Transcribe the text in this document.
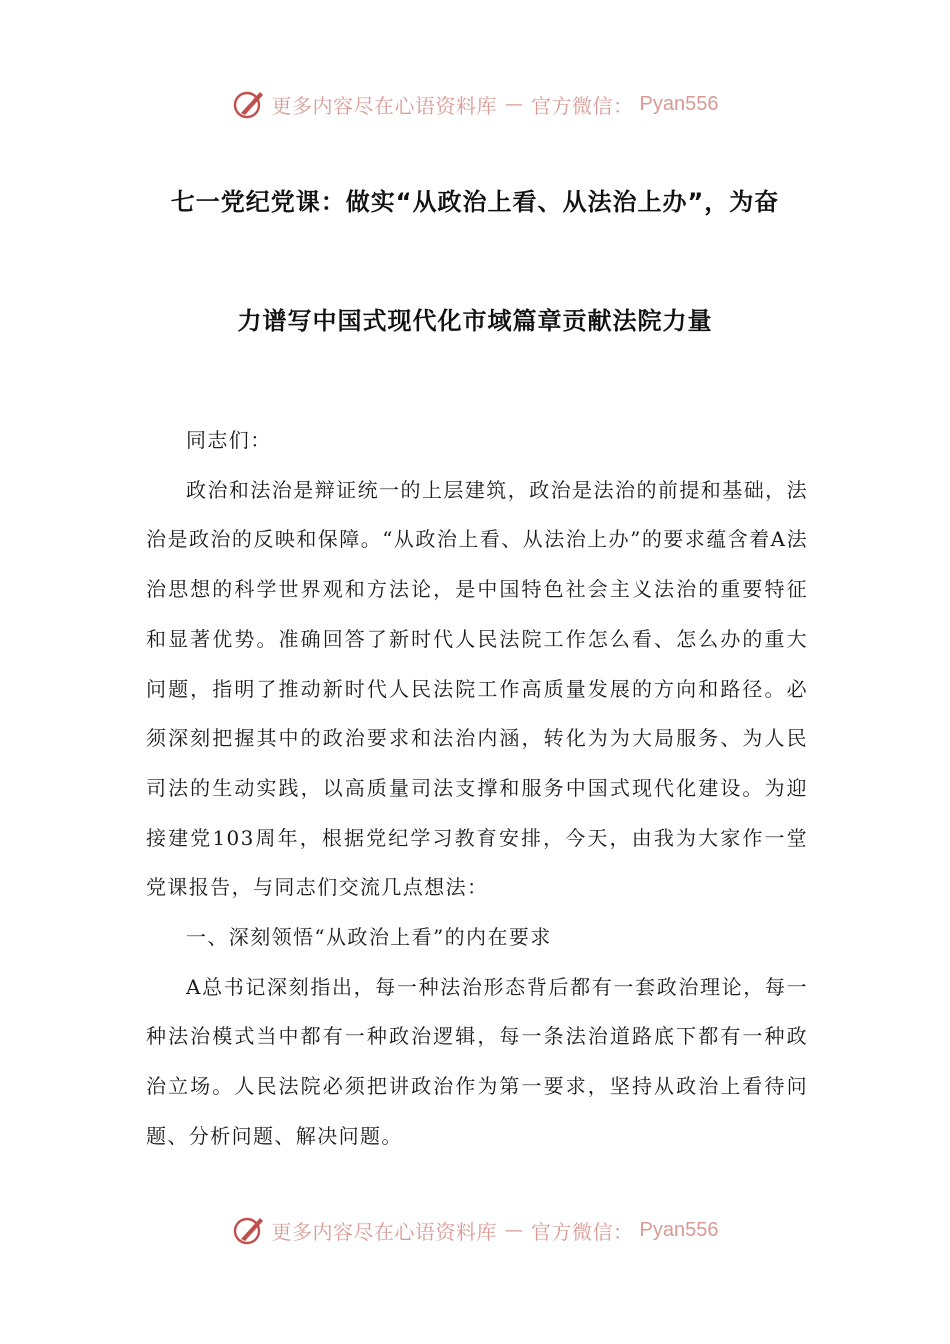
更多内容尽在心语资料库 — 官方微信： Pyan556
七一党纪党课：做实“从政治上看、从法治上办”，为奋
力谱写中国式现代化市域篇章贡献法院力量

同志们：

政治和法治是辩证统一的上层建筑，政治是法治的前提和基础，法治是政治的反映和保障。“从政治上看、从法治上办”的要求蕴含着A法治思想的科学世界观和方法论，是中国特色社会主义法治的重要特征和显著优势。准确回答了新时代人民法院工作怎么看、怎么办的重大问题，指明了推动新时代人民法院工作高质量发展的方向和路径。必须深刻把握其中的政治要求和法治内涵，转化为为大局服务、为人民司法的生动实践，以高质量司法支撑和服务中国式现代化建设。为迎接建党103周年，根据党纪学习教育安排，今天，由我为大家作一堂党课报告，与同志们交流几点想法：

一、深刻领悟“从政治上看”的内在要求

A总书记深刻指出，每一种法治形态背后都有一套政治理论，每一种法治模式当中都有一种政治逻辑，每一条法治道路底下都有一种政治立场。人民法院必须把讲政治作为第一要求，坚持从政治上看待问题、分析问题、解决问题。

更多内容尽在心语资料库 — 官方微信： Pyan556
